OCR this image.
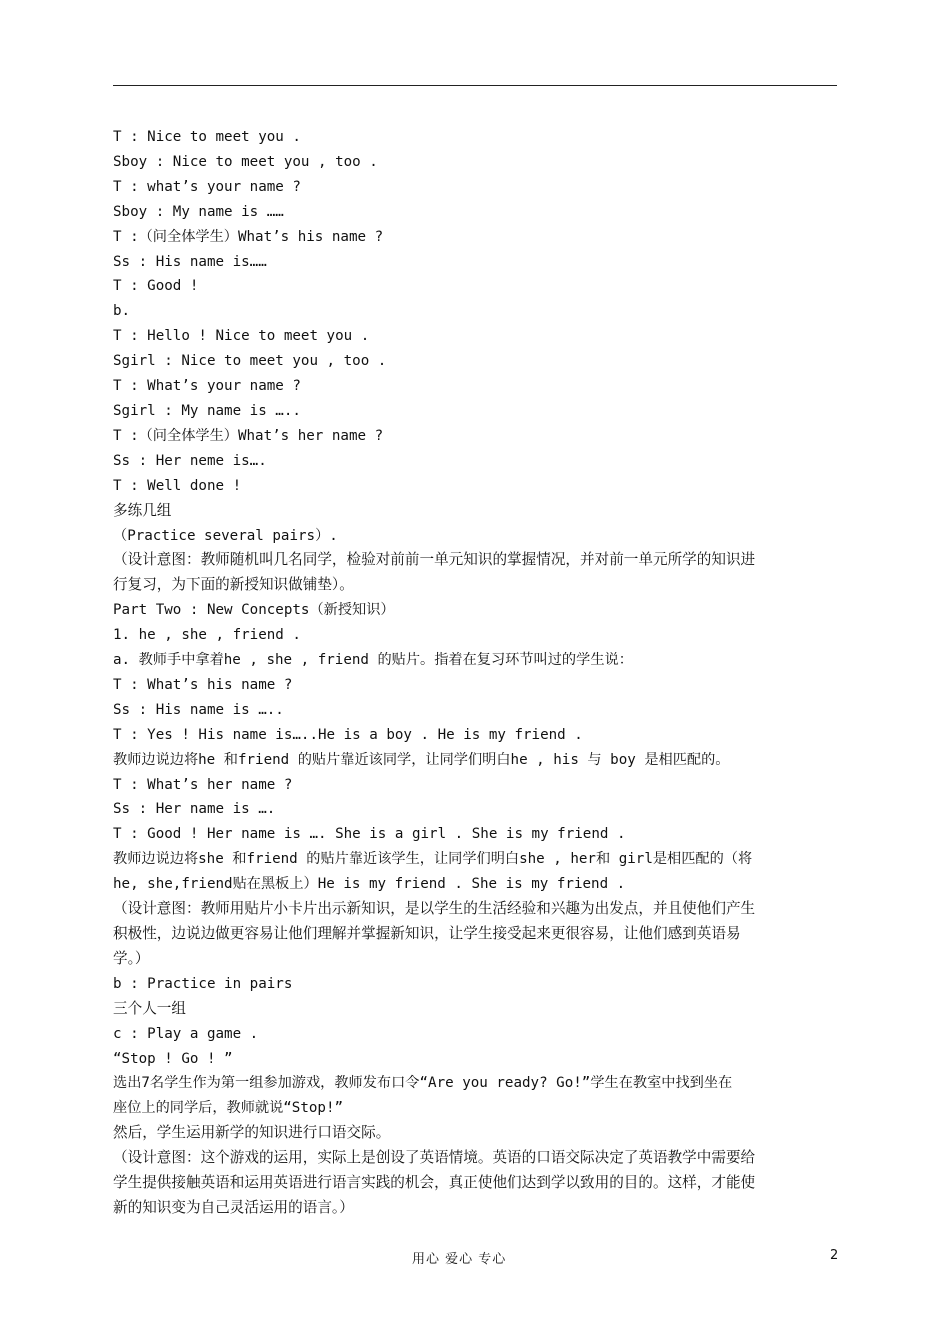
T : Nice to meet you .

Sboy : Nice to meet you , too .

T : what’s your name ?

Sboy : My name is ……

T :（问全体学生）What’s his name ?

Ss : His name is……

T : Good !

b.

T : Hello ! Nice to meet you .

Sgirl : Nice to meet you , too .

T : What’s your name ?

Sgirl : My name is …..

T :（问全体学生）What’s her name ?

Ss : Her neme is….

T : Well done !

多练几组

（Practice several pairs）.

（设计意图：教师随机叫几名同学，检验对前前一单元知识的掌握情况，并对前一单元所学的知识进

行复习，为下面的新授知识做铺垫）。

Part Two : New Concepts（新授知识）

1. he , she , friend .

a. 教师手中拿着he , she , friend 的贴片。指着在复习环节叫过的学生说：

T : What’s his name ?

Ss : His name is …..

T : Yes ! His name is…..He is a boy . He is my friend .

教师边说边将he 和friend 的贴片靠近该同学，让同学们明白he , his 与 boy 是相匹配的。

T : What’s her name ?

Ss : Her name is ….

T : Good ! Her name is …. She is a girl . She is my friend .

教师边说边将she 和friend 的贴片靠近该学生，让同学们明白she , her和 girl是相匹配的（将

he, she,friend贴在黑板上）He is my friend . She is my friend .

（设计意图：教师用贴片小卡片出示新知识，是以学生的生活经验和兴趣为出发点，并且使他们产生

积极性，边说边做更容易让他们理解并掌握新知识，让学生接受起来更很容易，让他们感到英语易

学。）

b : Practice in pairs

三个人一组

c : Play a game .

“Stop ! Go ! ”

选出7名学生作为第一组参加游戏，教师发布口令“Are you ready? Go!”学生在教室中找到坐在

座位上的同学后，教师就说“Stop!”

然后，学生运用新学的知识进行口语交际。

（设计意图：这个游戏的运用，实际上是创设了英语情境。英语的口语交际决定了英语教学中需要给

学生提供接触英语和运用英语进行语言实践的机会，真正使他们达到学以致用的目的。这样，才能使

新的知识变为自己灵活运用的语言。）

用心 爱心 专心	2
